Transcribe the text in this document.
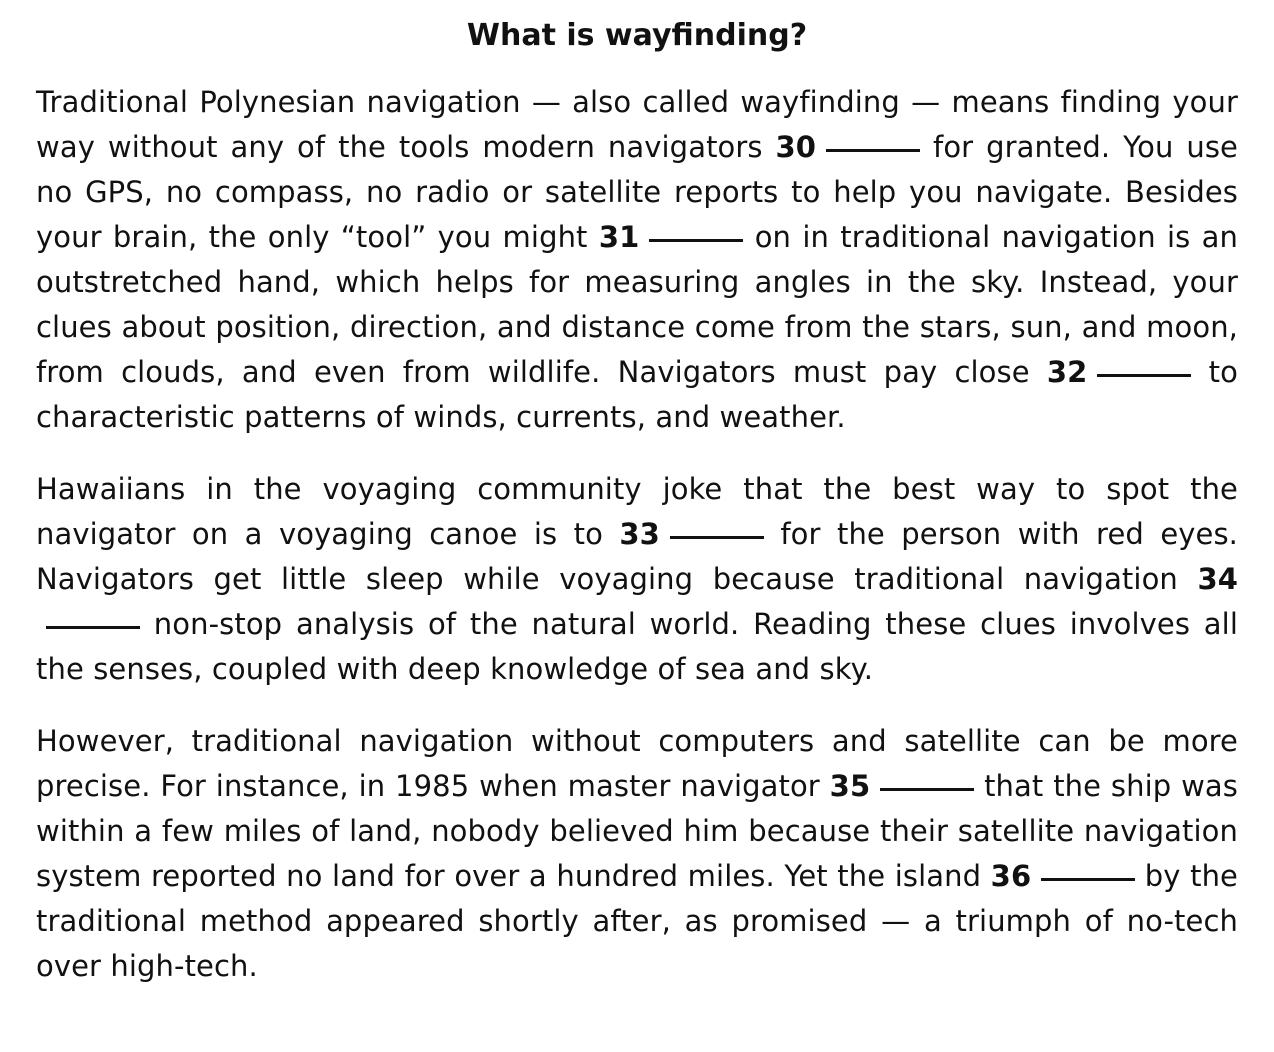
What is wayfinding?

Traditional Polynesian navigation — also called wayfinding — means finding your way without any of the tools modern navigators 30	for granted. You use no GPS, no compass, no radio or satellite reports to help you navigate. Besides your brain, the only “tool” you might 31	on in traditional navigation is an outstretched hand, which helps for measuring angles in the sky. Instead, your clues about position, direction, and distance come from the stars, sun, and moon, from clouds, and even from wildlife. Navigators must pay close 32	to characteristic patterns of winds, currents, and weather.

Hawaiians in the voyaging community joke that the best way to spot the navigator on a voyaging canoe is to 33	for the person with red eyes. Navigators get little sleep while voyaging because traditional navigation 34 non-stop analysis of the natural world. Reading these clues involves all the senses, coupled with deep knowledge of sea and sky.

However, traditional navigation without computers and satellite can be more precise. For instance, in 1985 when master navigator 35	that the ship was within a few miles of land, nobody believed him because their satellite navigation system reported no land for over a hundred miles. Yet the island 36	by the traditional method appeared shortly after, as promised — a triumph of no-tech over high-tech.
